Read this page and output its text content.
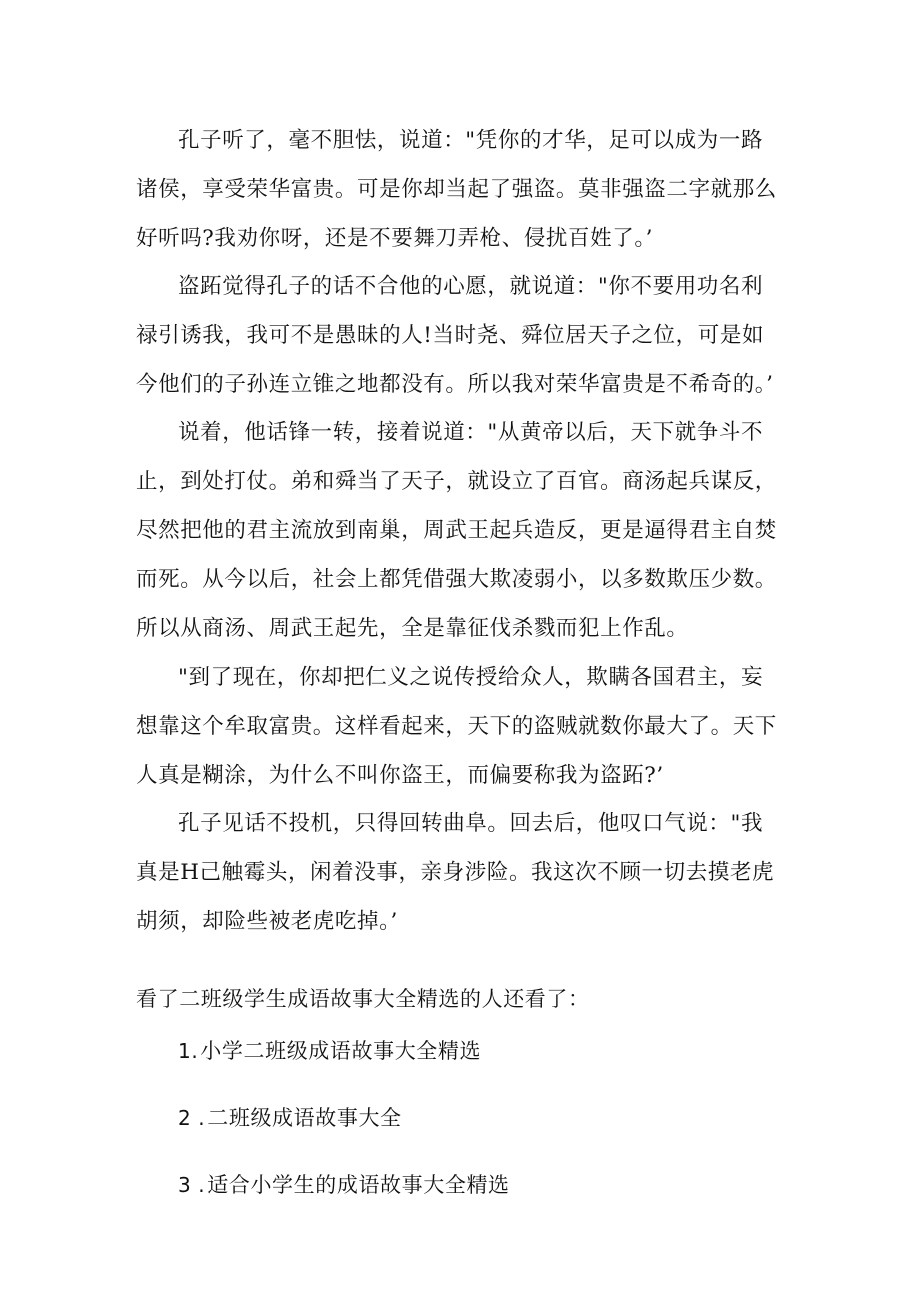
孔子听了，毫不胆怯，说道："凭你的才华，足可以成为一路诸侯，享受荣华富贵。可是你却当起了强盗。莫非强盗二字就那么好听吗?我劝你呀，还是不要舞刀弄枪、侵扰百姓了。’

盗跖觉得孔子的话不合他的心愿，就说道："你不要用功名利禄引诱我，我可不是愚昧的人!当时尧、舜位居天子之位，可是如今他们的子孙连立锥之地都没有。所以我对荣华富贵是不希奇的。’

说着，他话锋一转，接着说道："从黄帝以后，天下就争斗不止，到处打仗。弟和舜当了天子，就设立了百官。商汤起兵谋反，尽然把他的君主流放到南巢，周武王起兵造反，更是逼得君主自焚而死。从今以后，社会上都凭借强大欺凌弱小，以多数欺压少数。所以从商汤、周武王起先，全是靠征伐杀戮而犯上作乱。

"到了现在，你却把仁义之说传授给众人，欺瞒各国君主，妄想靠这个牟取富贵。这样看起来，天下的盗贼就数你最大了。天下人真是糊涂，为什么不叫你盗王，而偏要称我为盗跖?’

孔子见话不投机，只得回转曲阜。回去后，他叹口气说："我真是H己触霉头，闲着没事，亲身涉险。我这次不顾一切去摸老虎胡须，却险些被老虎吃掉。’

看了二班级学生成语故事大全精选的人还看了：

1.小学二班级成语故事大全精选
2 .二班级成语故事大全
3 .适合小学生的成语故事大全精选
